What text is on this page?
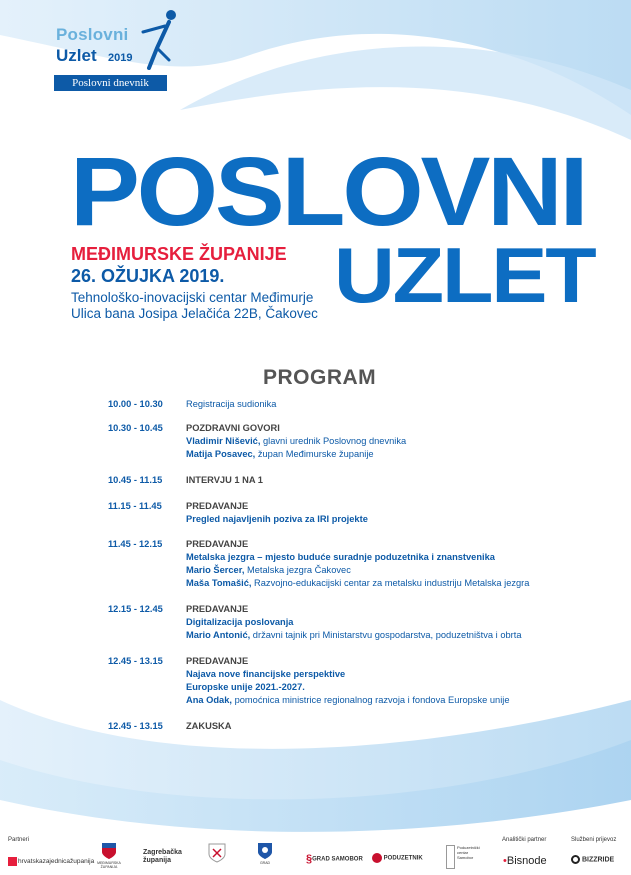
Poslovni
Uzlet 2019
Poslovni dnevnik
POSLOVNI
UZLET
MEĐIMURSKE ŽUPANIJE
26. OŽUJKA 2019.
Tehnološko-inovacijski centar Međimurje
Ulica bana Josipa Jelačića 22B, Čakovec
PROGRAM
10.00 - 10.30	Registracija sudionika
10.30 - 10.45	POZDRAVNI GOVORI
Vladimir Nišević, glavni urednik Poslovnog dnevnika
Matija Posavec, župan Međimurske županije
10.45 - 11.15	INTERVJU 1 NA 1
11.15 - 11.45	PREDAVANJE
Pregled najavljenih poziva za IRI projekte
11.45 - 12.15	PREDAVANJE
Metalska jezgra – mjesto buduće suradnje poduzetnika i znanstvenika
Mario Šercer, Metalska jezgra Čakovec
Maša Tomašić, Razvojno-edukacijski centar za metalsku industriju Metalska jezgra
12.15 - 12.45	PREDAVANJE
Digitalizacija poslovanja
Mario Antonić, državni tajnik pri Ministarstvu gospodarstva, poduzetništva i obrta
12.45 - 13.15	PREDAVANJE
Najava nove financijske perspektive
Europske unije 2021.-2027.
Ana Odak, pomoćnica ministrice regionalnog razvoja i fondova Europske unije
12.45 - 13.15	ZAKUSKA
Partneri	Analitički partner	Službeni prijevoz
hrvatskazajednicažupanija MEĐIMURSKA ŽUPANIJA
Zagrebačka županija	GRAD	§GRAD SAMOBOR	PODUZETNIK
Poduzetnički centar Samobor	•Bisnode	BIZZRIDE
